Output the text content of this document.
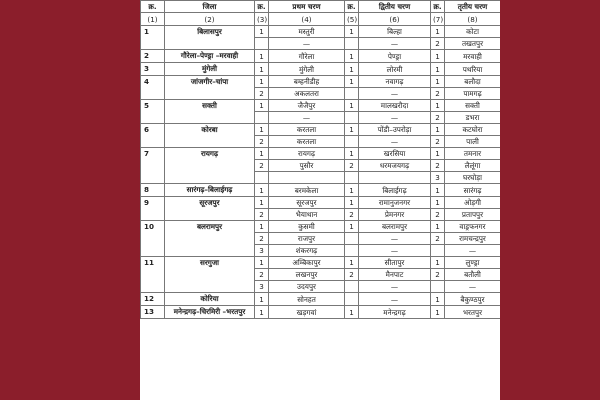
क्र.	जिला	क्र.	प्रथम चरण	क्र.	द्वितीय चरण	क्र.	तृतीय चरण
(1)	(2)	(3)	(4)	(5)	(6)	(7)	(8)
1	बिलासपुर	1	मस्तुरी	1	बिल्हा	1	कोटा
			—		—	2	तखतपुर
2	गौरेला–पेण्ड्रा –मरवाही	1	गौरेला	1	पेण्ड्रा	1	मरवाही
3	मुंगेली	1	मुंगेली	1	लोरमी	1	पथरिया
4	जांजगीर–चांपा	1	बम्हनीडीह	1	नवागढ़	1	बलौदा
		2	अकलतरा		—	2	पामगढ़
5	सक्ती	1	जैजैपुर	1	मालखरौदा	1	सक्ती
			—		—	2	डभरा
6	कोरबा	1	करतला	1	पोंडी–उपरोड़ा	1	कटघोरा
		2	करतला		—	2	पाली
7	रायगढ़	1	रायगढ़	1	खरसिया	1	तमनार
		2	पुसौर	2	धरमजयगढ़	2	लैलूंगा
						3	घरघोड़ा
8	सारंगढ़–बिलाईगढ़	1	बरमकेला	1	बिलाईगढ़	1	सारंगढ़
9	सूरजपुर	1	सूरजपुर	1	रामानुजनगर	1	ओड़गी
		2	भैयाथान	2	प्रेमनगर	2	प्रतापपुर
10	बलरामपुर	1	कुसमी	1	बलरामपुर	1	वाड्रफनगर
		2	राजपुर		—	2	रामचन्द्रपुर
		3	शंकरगढ़		—		—
11	सरगुजा	1	अम्बिकापुर	1	सीतापुर	1	लुण्ड्रा
		2	लखनपुर	2	मैनपाट	2	बतौली
		3	उदयपुर		—		—
12	कोरिया	1	सोनहत		—	1	बैकुण्ठपुर
13	मनेन्द्रगढ़–चिरमिरी –भरतपुर	1	खड़गवां	1	मनेन्द्रगढ़	1	भरतपुर
